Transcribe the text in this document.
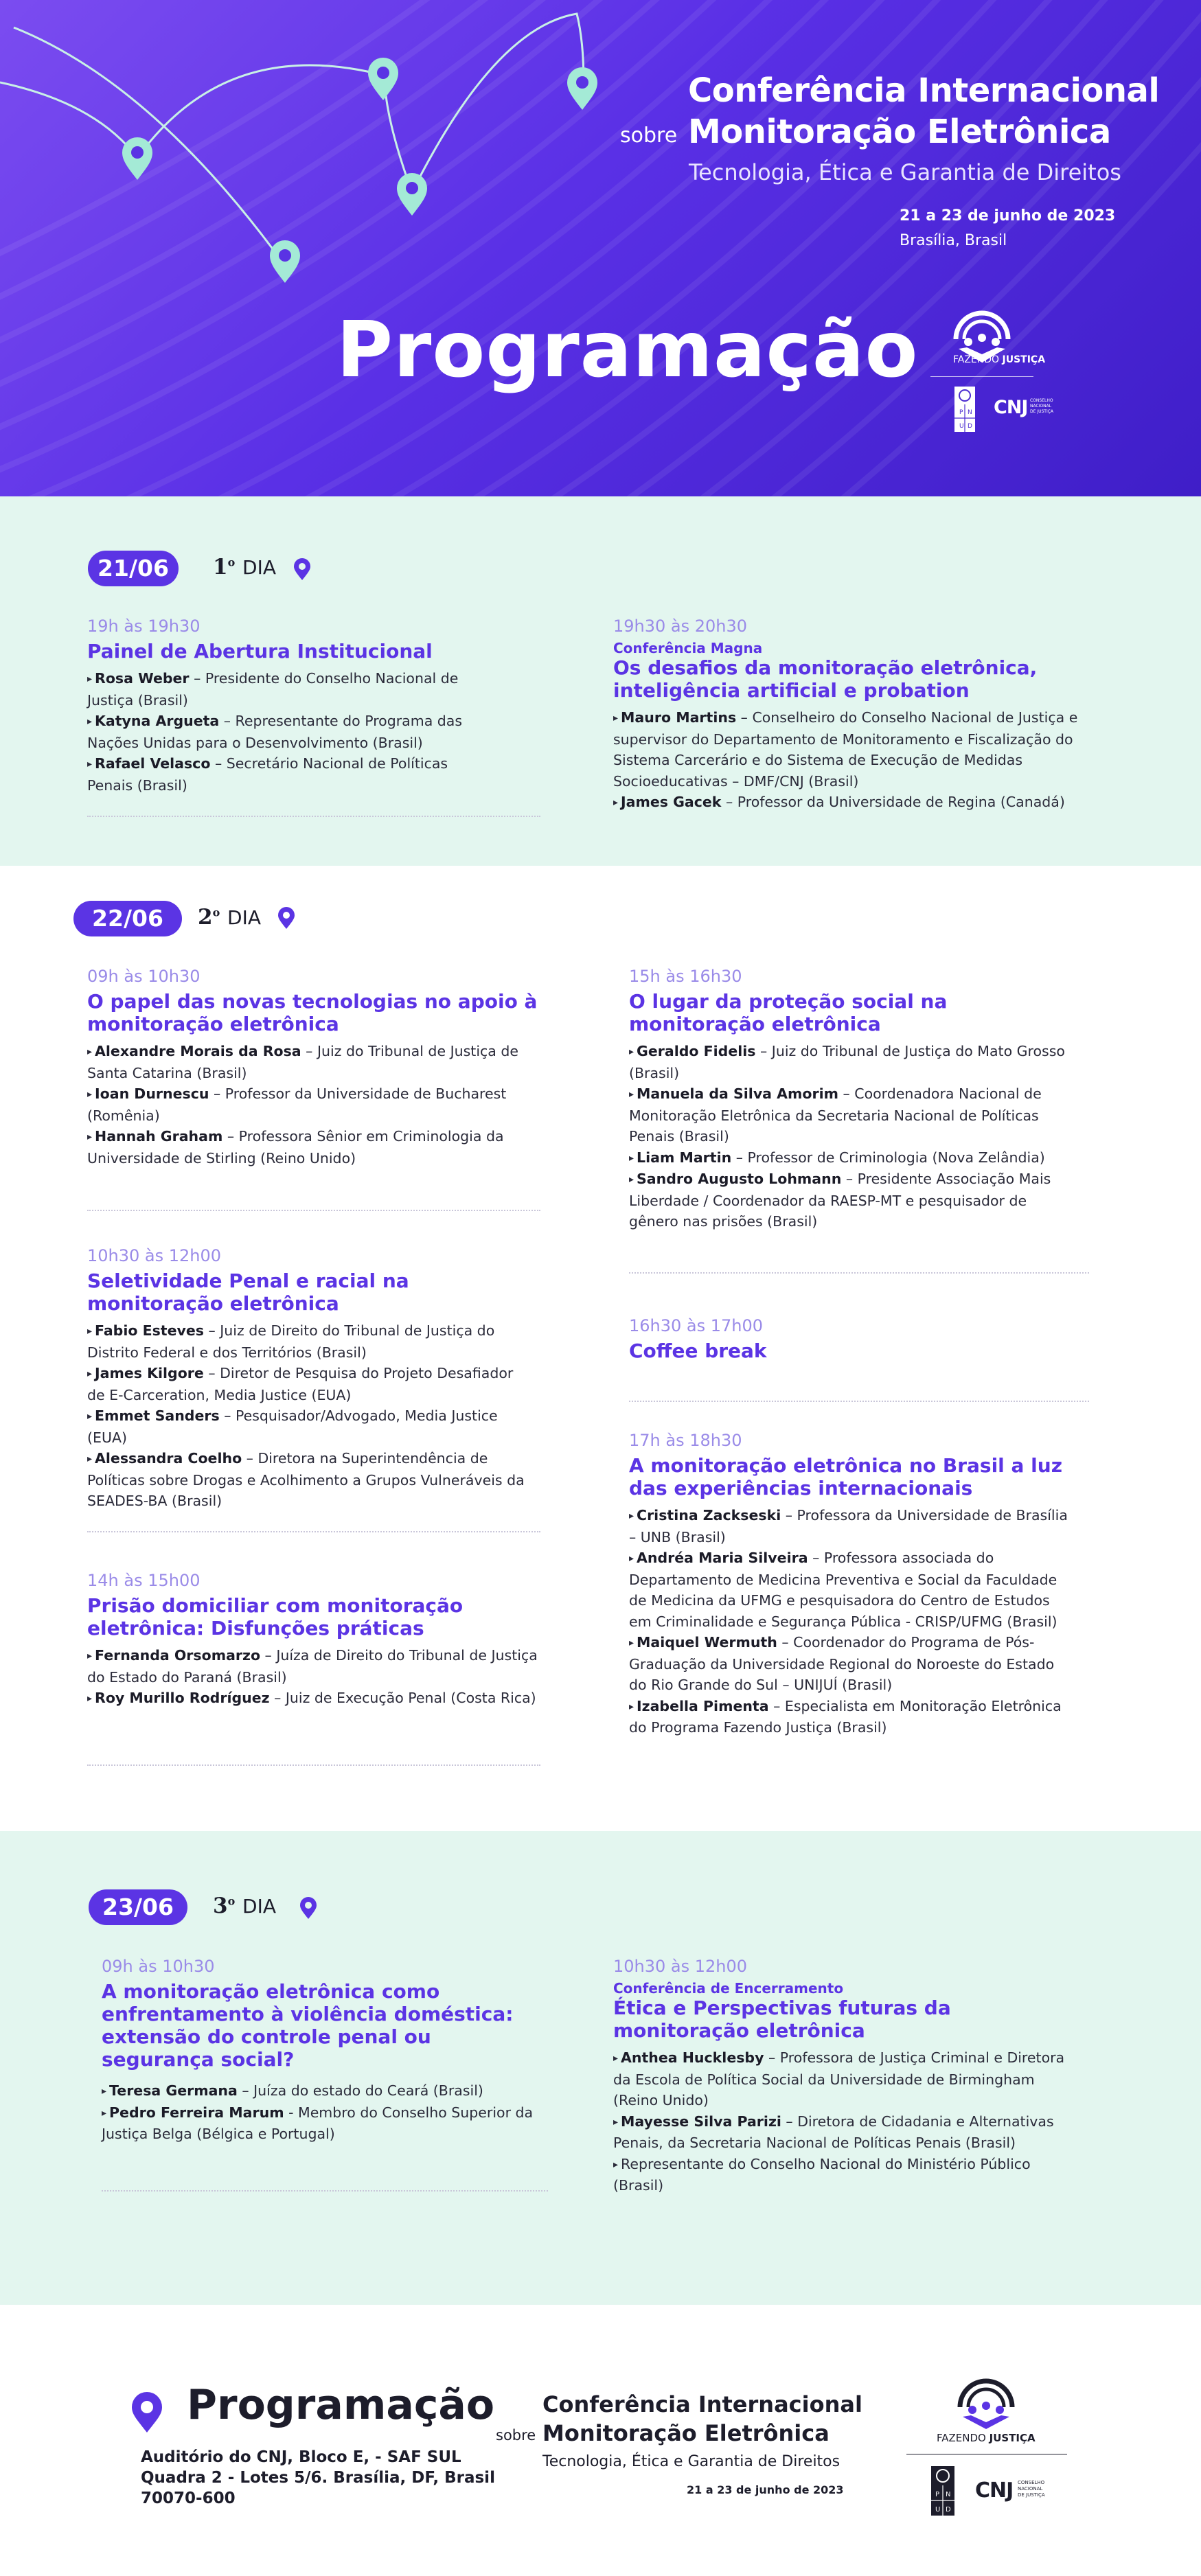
Conferência Internacional
sobre Monitoração Eletrônica
Tecnologia, Ética e Garantia de Direitos
21 a 23 de junho de 2023
Brasília, Brasil
Programação	FAZENDO JUSTIÇA
P N
U D
CNJ CONSELHO NACIONAL DE JUSTIÇA
21/06	1$^o$ DIA
19h às 19h30
Painel de Abertura Institucional
▸ Rosa Weber – Presidente do Conselho Nacional de Justiça (Brasil)
▸ Katyna Argueta – Representante do Programa das Nações Unidas para o Desenvolvimento (Brasil)
▸ Rafael Velasco – Secretário Nacional de Políticas Penais (Brasil)
19h30 às 20h30
Conferência Magna
Os desafios da monitoração eletrônica, inteligência artificial e probation
▸ Mauro Martins – Conselheiro do Conselho Nacional de Justiça e supervisor do Departamento de Monitoramento e Fiscalização do Sistema Carcerário e do Sistema de Execução de Medidas Socioeducativas – DMF/CNJ (Brasil)
▸ James Gacek – Professor da Universidade de Regina (Canadá)
22/06	2$^o$ DIA
09h às 10h30
O papel das novas tecnologias no apoio à monitoração eletrônica
▸ Alexandre Morais da Rosa – Juiz do Tribunal de Justiça de Santa Catarina (Brasil)
▸ Ioan Durnescu – Professor da Universidade de Bucharest (Romênia)
▸ Hannah Graham – Professora Sênior em Criminologia da Universidade de Stirling (Reino Unido)
10h30 às 12h00
Seletividade Penal e racial na monitoração eletrônica
▸ Fabio Esteves – Juiz de Direito do Tribunal de Justiça do Distrito Federal e dos Territórios (Brasil)
▸ James Kilgore – Diretor de Pesquisa do Projeto Desafiador de E-Carceration, Media Justice (EUA)
▸ Emmet Sanders – Pesquisador/Advogado, Media Justice (EUA)
▸ Alessandra Coelho – Diretora na Superintendência de Políticas sobre Drogas e Acolhimento a Grupos Vulneráveis da SEADES-BA (Brasil)
14h às 15h00
Prisão domiciliar com monitoração eletrônica: Disfunções práticas
▸ Fernanda Orsomarzo – Juíza de Direito do Tribunal de Justiça do Estado do Paraná (Brasil)
▸ Roy Murillo Rodríguez – Juiz de Execução Penal (Costa Rica)
15h às 16h30
O lugar da proteção social na monitoração eletrônica
▸ Geraldo Fidelis – Juiz do Tribunal de Justiça do Mato Grosso (Brasil)
▸ Manuela da Silva Amorim – Coordenadora Nacional de Monitoração Eletrônica da Secretaria Nacional de Políticas Penais (Brasil)
▸ Liam Martin – Professor de Criminologia (Nova Zelândia)
▸ Sandro Augusto Lohmann – Presidente Associação Mais Liberdade / Coordenador da RAESP-MT e pesquisador de gênero nas prisões (Brasil)
16h30 às 17h00
Coffee break
17h às 18h30
A monitoração eletrônica no Brasil a luz das experiências internacionais
▸ Cristina Zackseski – Professora da Universidade de Brasília – UNB (Brasil)
▸ Andréa Maria Silveira – Professora associada do Departamento de Medicina Preventiva e Social da Faculdade de Medicina da UFMG e pesquisadora do Centro de Estudos em Criminalidade e Segurança Pública - CRISP/UFMG (Brasil)
▸ Maiquel Wermuth – Coordenador do Programa de Pós-Graduação da Universidade Regional do Noroeste do Estado do Rio Grande do Sul – UNIJUÍ (Brasil)
▸ Izabella Pimenta – Especialista em Monitoração Eletrônica do Programa Fazendo Justiça (Brasil)
23/06	3$^o$ DIA
09h às 10h30
A monitoração eletrônica como enfrentamento à violência doméstica: extensão do controle penal ou segurança social?
▸ Teresa Germana – Juíza do estado do Ceará (Brasil)
▸ Pedro Ferreira Marum - Membro do Conselho Superior da Justiça Belga (Bélgica e Portugal)
10h30 às 12h00
Conferência de Encerramento
Ética e Perspectivas futuras da monitoração eletrônica
▸ Anthea Hucklesby – Professora de Justiça Criminal e Diretora da Escola de Política Social da Universidade de Birmingham (Reino Unido)
▸ Mayesse Silva Parizi – Diretora de Cidadania e Alternativas Penais, da Secretaria Nacional de Políticas Penais (Brasil)
▸ Representante do Conselho Nacional do Ministério Público (Brasil)
Programação
Auditório do CNJ, Bloco E, - SAF SUL
Quadra 2 - Lotes 5/6. Brasília, DF, Brasil
70070-600
Conferência Internacional
sobre Monitoração Eletrônica
Tecnologia, Ética e Garantia de Direitos
21 a 23 de junho de 2023
FAZENDO JUSTIÇA
P N
U D
CNJ CONSELHO NACIONAL DE JUSTIÇA
